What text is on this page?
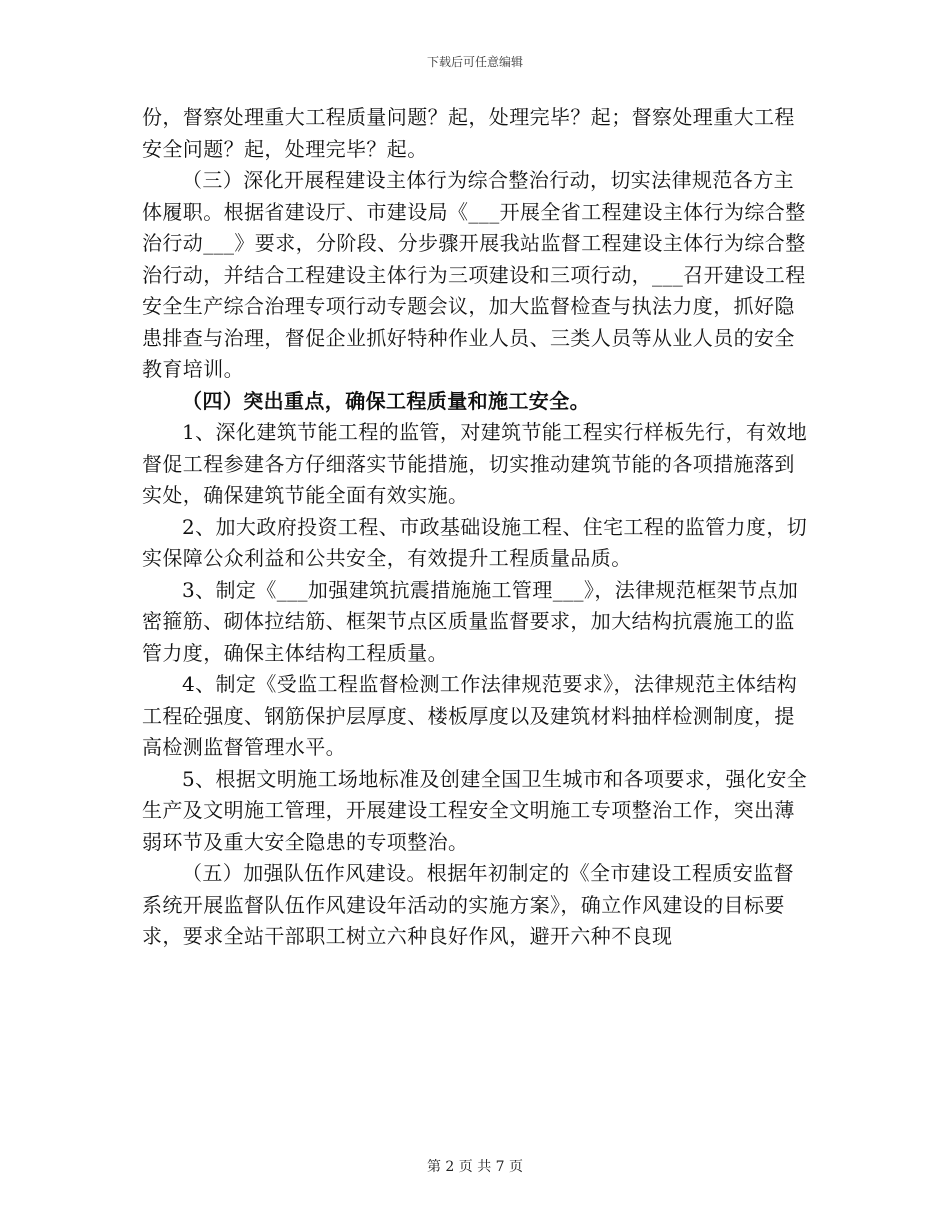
下载后可任意编辑

份，督察处理重大工程质量问题？起，处理完毕？起；督察处理重大工程安全问题？起，处理完毕？起。

（三）深化开展程建设主体行为综合整治行动，切实法律规范各方主体履职。根据省建设厅、市建设局《___开展全省工程建设主体行为综合整治行动___》要求，分阶段、分步骤开展我站监督工程建设主体行为综合整治行动，并结合工程建设主体行为三项建设和三项行动，___召开建设工程安全生产综合治理专项行动专题会议，加大监督检查与执法力度，抓好隐患排查与治理，督促企业抓好特种作业人员、三类人员等从业人员的安全教育培训。

（四）突出重点，确保工程质量和施工安全。

1、深化建筑节能工程的监管，对建筑节能工程实行样板先行，有效地督促工程参建各方仔细落实节能措施，切实推动建筑节能的各项措施落到实处，确保建筑节能全面有效实施。

2、加大政府投资工程、市政基础设施工程、住宅工程的监管力度，切实保障公众利益和公共安全，有效提升工程质量品质。

3、制定《___加强建筑抗震措施施工管理___》，法律规范框架节点加密箍筋、砌体拉结筋、框架节点区质量监督要求，加大结构抗震施工的监管力度，确保主体结构工程质量。

4、制定《受监工程监督检测工作法律规范要求》，法律规范主体结构工程砼强度、钢筋保护层厚度、楼板厚度以及建筑材料抽样检测制度，提高检测监督管理水平。

5、根据文明施工场地标准及创建全国卫生城市和各项要求，强化安全生产及文明施工管理，开展建设工程安全文明施工专项整治工作，突出薄弱环节及重大安全隐患的专项整治。

（五）加强队伍作风建设。根据年初制定的《全市建设工程质安监督系统开展监督队伍作风建设年活动的实施方案》，确立作风建设的目标要求，要求全站干部职工树立六种良好作风，避开六种不良现

第 2 页 共 7 页
